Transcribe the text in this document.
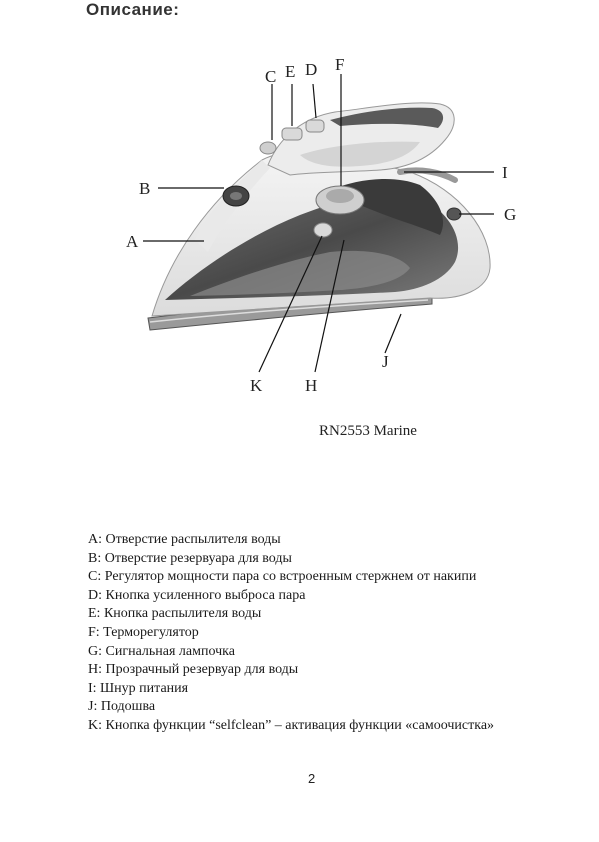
Описание:
C E D F
B
A
I
G
J
K	H
RN2553 Marine
A: Отверстие распылителя воды
B: Отверстие резервуара для воды
C: Регулятор мощности пара со встроенным стержнем от накипи
D: Кнопка усиленного выброса пара
E: Кнопка распылителя воды
F: Терморегулятор
G: Сигнальная лампочка
H: Прозрачный резервуар для воды
I: Шнур питания
J: Подошва
K: Кнопка функции “selfclean” – активация функции «самоочистка»
2
